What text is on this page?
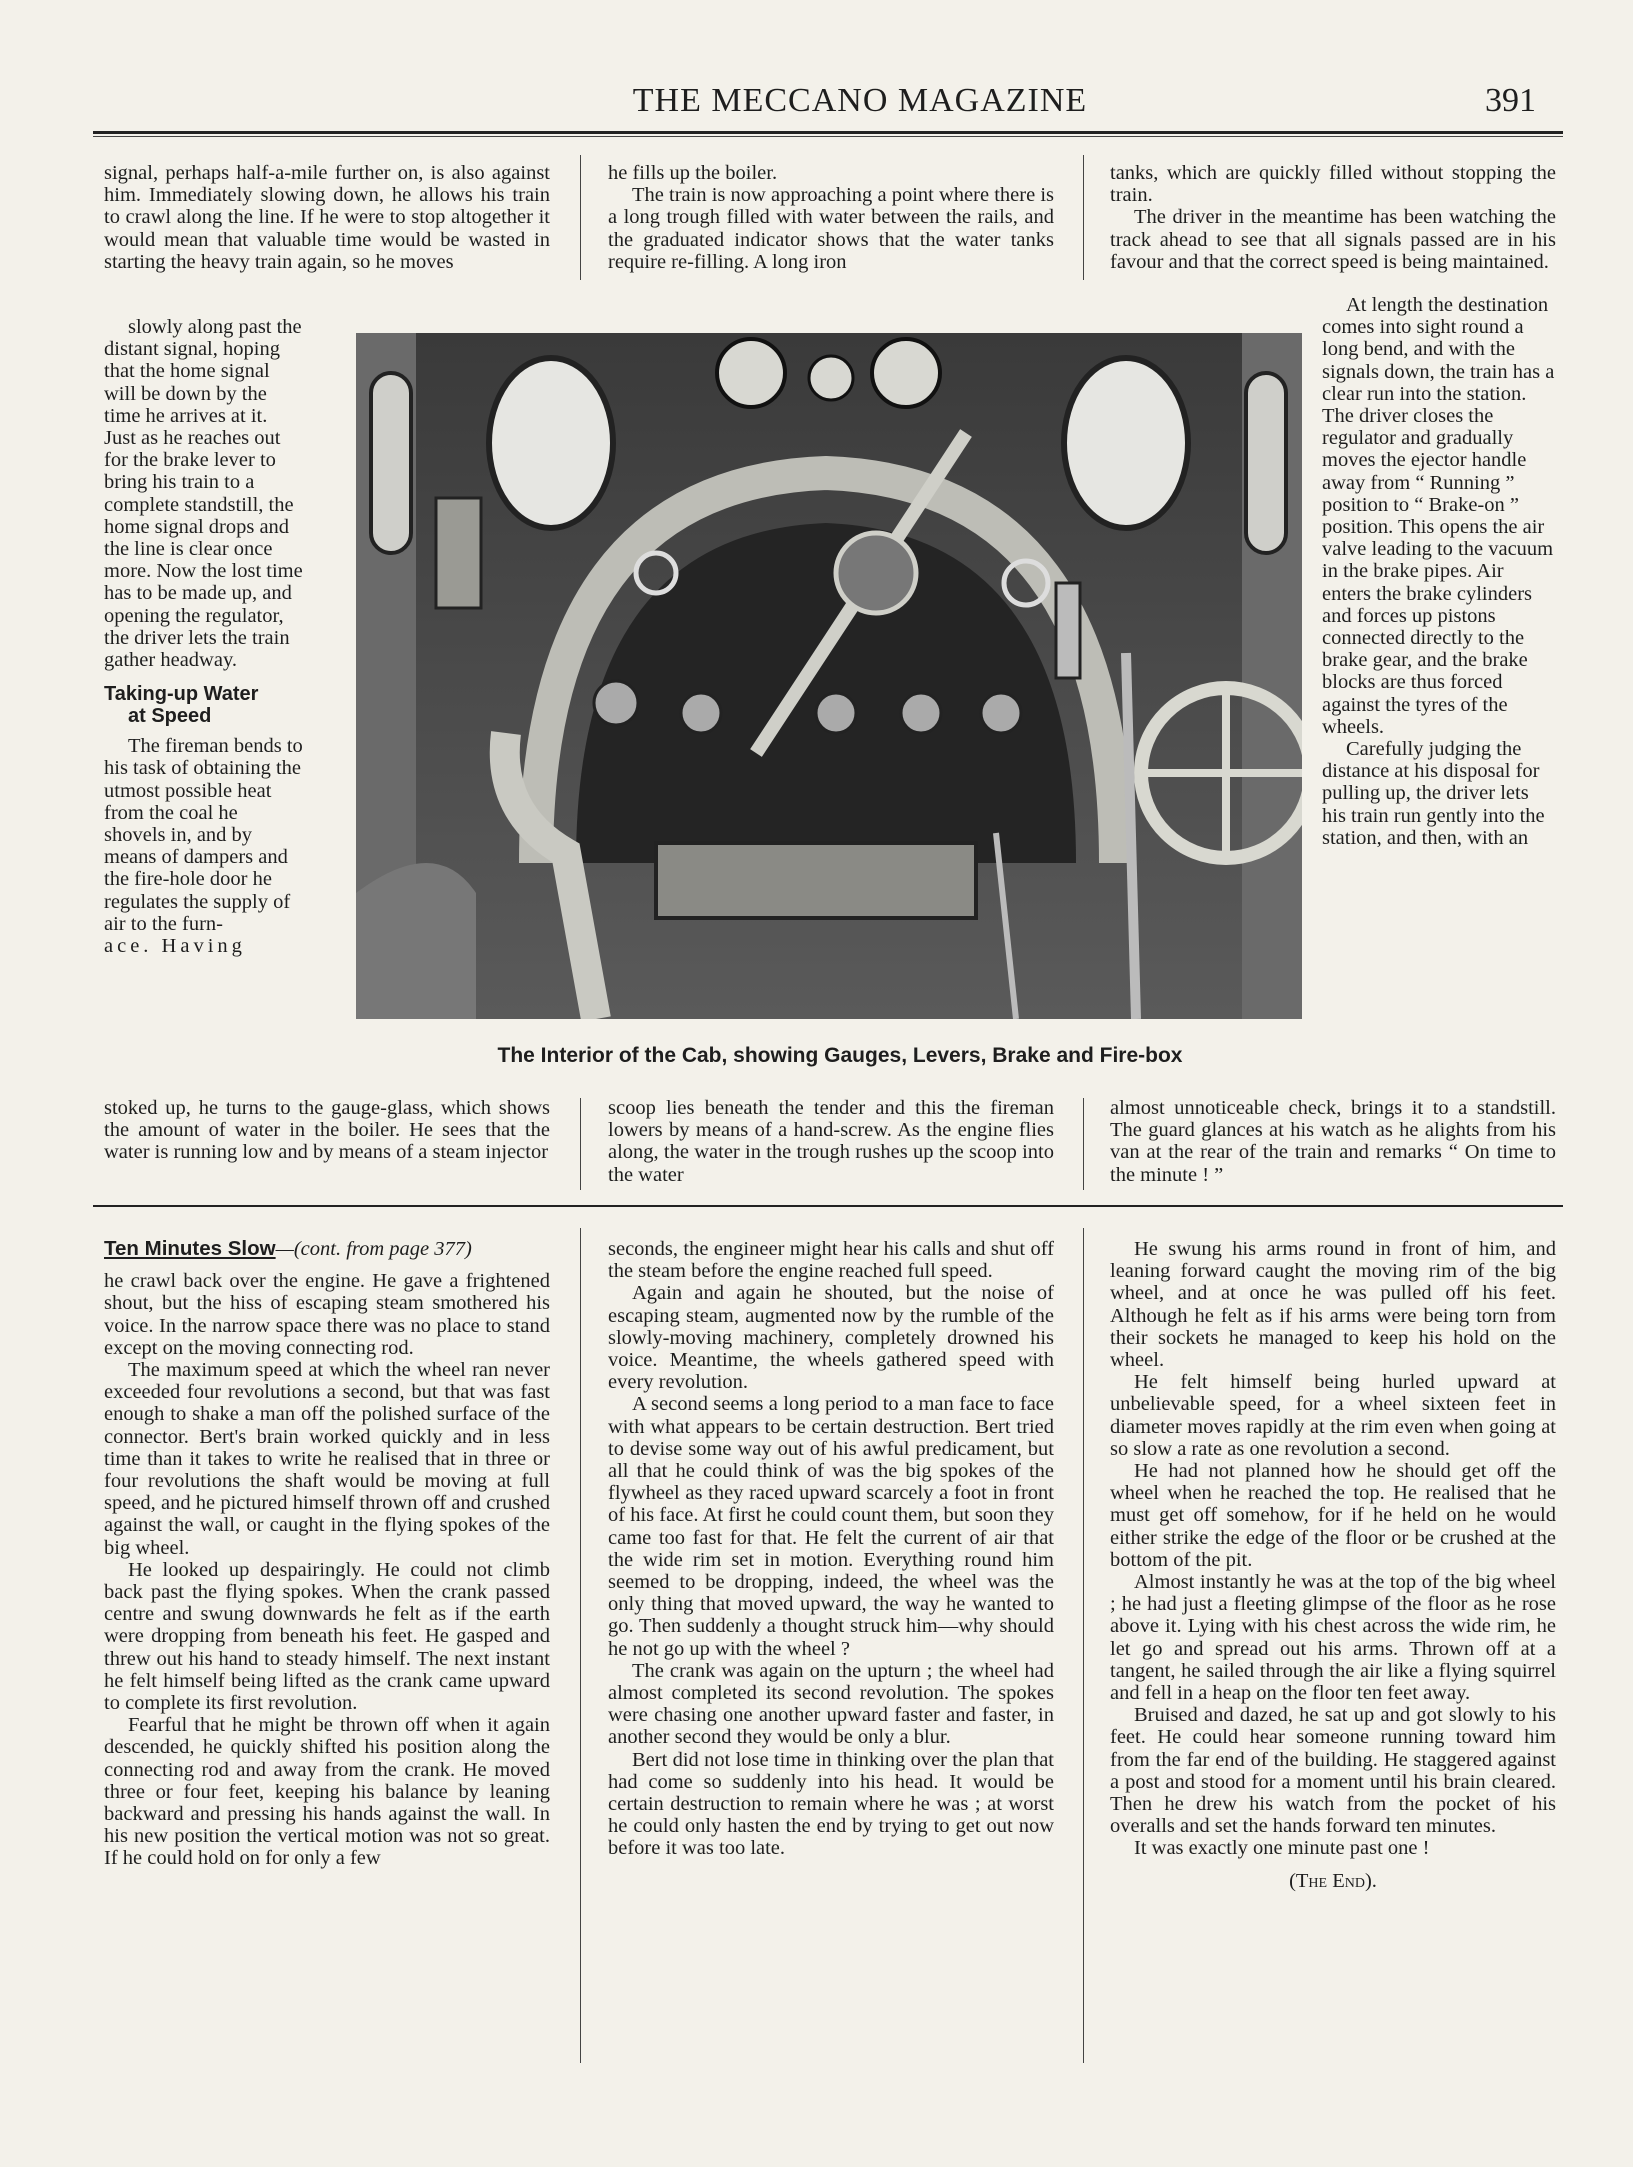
THE MECCANO MAGAZINE	391

signal, perhaps half-a-mile further on, is also against him. Immediately slowing down, he allows his train to crawl along the line. If he were to stop altogether it would mean that valuable time would be wasted in starting the heavy train again, so he moves

slowly along past the distant signal, hoping that the home signal will be down by the time he arrives at it. Just as he reaches out for the brake lever to bring his train to a complete standstill, the home signal drops and the line is clear once more. Now the lost time has to be made up, and opening the regulator, the driver lets the train gather headway.

Taking-up Water

at Speed

The fireman bends to his task of obtaining the utmost possible heat from the coal he shovels in, and by means of dampers and the fire-hole door he regulates the supply of air to the furn-

ace. Having

stoked up, he turns to the gauge-glass, which shows the amount of water in the boiler. He sees that the water is running low and by means of a steam injector

he fills up the boiler.

The train is now approaching a point where there is a long trough filled with water between the rails, and the graduated indicator shows that the water tanks require re-filling. A long iron

scoop lies beneath the tender and this the fireman lowers by means of a hand-screw. As the engine flies along, the water in the trough rushes up the scoop into the water

tanks, which are quickly filled without stopping the train.

The driver in the meantime has been watching the track ahead to see that all signals passed are in his favour and that the correct speed is being maintained.

At length the destination comes into sight round a long bend, and with the signals down, the train has a clear run into the station. The driver closes the regulator and gradually moves the ejector handle away from “ Running ” position to “ Brake-on ” position. This opens the air valve leading to the vacuum in the brake pipes. Air enters the brake cylinders and forces up pistons connected directly to the brake gear, and the brake blocks are thus forced against the tyres of the wheels.

Carefully judging the distance at his disposal for pulling up, the driver lets his train run gently into the station, and then, with an

almost unnoticeable check, brings it to a standstill. The guard glances at his watch as he alights from his van at the rear of the train and remarks “ On time to the minute ! ”

The Interior of the Cab, showing Gauges, Levers, Brake and Fire-box

Ten Minutes Slow—(cont. from page 377)

he crawl back over the engine. He gave a frightened shout, but the hiss of escaping steam smothered his voice. In the narrow space there was no place to stand except on the moving connecting rod.

The maximum speed at which the wheel ran never exceeded four revolutions a second, but that was fast enough to shake a man off the polished surface of the connector. Bert's brain worked quickly and in less time than it takes to write he realised that in three or four revolutions the shaft would be moving at full speed, and he pictured himself thrown off and crushed against the wall, or caught in the flying spokes of the big wheel.

He looked up despairingly. He could not climb back past the flying spokes. When the crank passed centre and swung downwards he felt as if the earth were dropping from beneath his feet. He gasped and threw out his hand to steady himself. The next instant he felt himself being lifted as the crank came upward to complete its first revolution.

Fearful that he might be thrown off when it again descended, he quickly shifted his position along the connecting rod and away from the crank. He moved three or four feet, keeping his balance by leaning backward and pressing his hands against the wall. In his new position the vertical motion was not so great. If he could hold on for only a few

seconds, the engineer might hear his calls and shut off the steam before the engine reached full speed.

Again and again he shouted, but the noise of escaping steam, augmented now by the rumble of the slowly-moving machinery, completely drowned his voice. Meantime, the wheels gathered speed with every revolution.

A second seems a long period to a man face to face with what appears to be certain destruction. Bert tried to devise some way out of his awful predicament, but all that he could think of was the big spokes of the flywheel as they raced upward scarcely a foot in front of his face. At first he could count them, but soon they came too fast for that. He felt the current of air that the wide rim set in motion. Everything round him seemed to be dropping, indeed, the wheel was the only thing that moved upward, the way he wanted to go. Then suddenly a thought struck him—why should he not go up with the wheel ?

The crank was again on the upturn ; the wheel had almost completed its second revolution. The spokes were chasing one another upward faster and faster, in another second they would be only a blur.

Bert did not lose time in thinking over the plan that had come so suddenly into his head. It would be certain destruction to remain where he was ; at worst he could only hasten the end by trying to get out now before it was too late.

He swung his arms round in front of him, and leaning forward caught the moving rim of the big wheel, and at once he was pulled off his feet. Although he felt as if his arms were being torn from their sockets he managed to keep his hold on the wheel.

He felt himself being hurled upward at unbelievable speed, for a wheel sixteen feet in diameter moves rapidly at the rim even when going at so slow a rate as one revolution a second.

He had not planned how he should get off the wheel when he reached the top. He realised that he must get off somehow, for if he held on he would either strike the edge of the floor or be crushed at the bottom of the pit.

Almost instantly he was at the top of the big wheel ; he had just a fleeting glimpse of the floor as he rose above it. Lying with his chest across the wide rim, he let go and spread out his arms. Thrown off at a tangent, he sailed through the air like a flying squirrel and fell in a heap on the floor ten feet away.

Bruised and dazed, he sat up and got slowly to his feet. He could hear someone running toward him from the far end of the building. He staggered against a post and stood for a moment until his brain cleared. Then he drew his watch from the pocket of his overalls and set the hands forward ten minutes.

It was exactly one minute past one !

(The End).
